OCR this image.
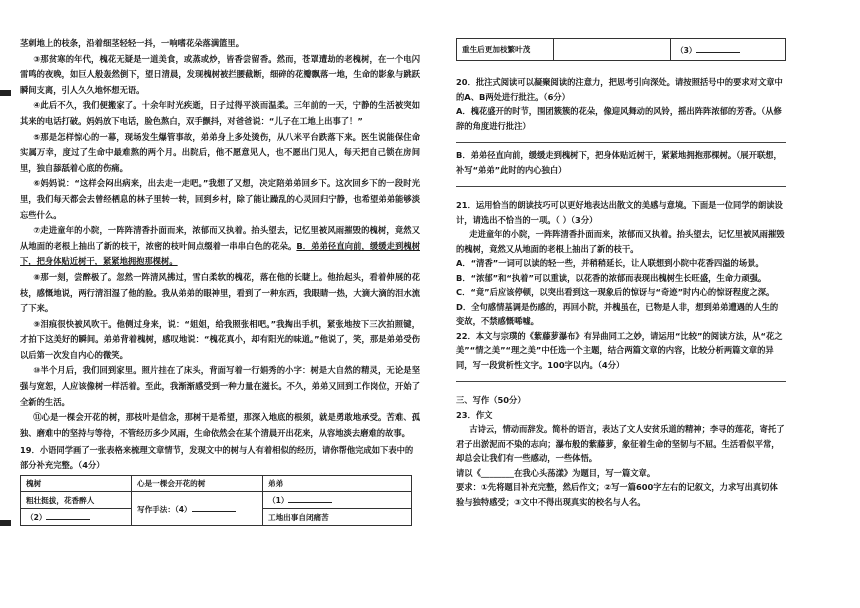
茎刺地上的枝条，沿着细茎轻轻一抖，一响嗜花朵落满篮里。

③那贫寒的年代，槐花无疑是一道美食，或蒸或炒，皆香尝留香。然而，苍罩遭劫的老槐树，在一个电闪雷鸣的夜晚，如巨人般轰然倒下，望日清晨，发现槐树被拦腰截断，细碎的花瓣飘落一地，生命的影象与跳跃瞬间支离，引人久久地怀想无语。

④此后不久，我们便搬家了。十余年时光疾逝，日子过得平淡而温柔。三年前的一天，宁静的生活被突如其来的电话打破。妈妈放下电话，脸色熬白，双手颤抖，对爸爸说：“儿子在工地上出事了！”

⑤那是怎样惊心的一幕，现场发生爆管事故，弟弟身上多处烫伤，从八米平台跌落下来。医生说能保住命实属万幸，度过了生命中最难熬的两个月。出院后，他不愿意见人，也不愿出门见人，每天把自己锁在房间里，独自舔舐着心底的伤痛。

⑥妈妈说：“这样会闷出病来，出去走一走吧。”我想了又想，决定陪弟弟回乡下。这次回乡下的一段时光里，我们每天都会去曾经栖息的林子里转一转，回到乡村，除了能让躁乱的心灵回归宁静，也希望弟弟能够淡忘些什么。

⑦走进童年的小院，一阵阵清香扑面而来，浓郁而又执着。抬头望去，记忆里被风雨摧毁的槐树，竟然又从地面的老根上抽出了新的枝干，浓密的枝叶间点缀着一串串白色的花朵。B．弟弟径直向前，缓缓走到槐树下，把身体贴近树干，紧紧地拥抱那棵树。

⑧那一刻，尝醉极了。忽然一阵清风拂过，雪白柔软的槐花，落在他的长睫上。他抬起头，看着伸展的花枝，感慨地说，两行清泪湿了他的脸。我从弟弟的眼神里，看到了一种东西，我眼睛一热，大滴大滴的泪水流了下来。

⑨泪痕很快被风吹干。他侧过身来，说：“姐姐，给我照张相吧。”我掏出手机，紧张地按下三次拍照键，才拍下这美好的瞬间。弟弟背着槐树，感叹地说：“槐花真小，却有阳光的味道。”他说了，笑，那是弟弟受伤以后第一次发自内心的微笑。

⑩半个月后，我们回到家里。照片挂在了床头，背面写着一行娟秀的小字：树是大自然的精灵，无论是坚强与宽恕，人应该像树一样活着。至此，我渐渐感受到一种力量在滋长。不久，弟弟又回到工作岗位，开始了全新的生活。

⑪心是一棵会开花的树，那枝叶是信念，那树干是希望，那深入地底的根须，就是勇敢地承受。苦难、孤独、磨难中的坚持与等待，不管经历多少风雨，生命依然会在某个清晨开出花来，从容地淡去磨难的故事。

19．小语同学画了一张表格来梳理文章情节，发现文中的树与人有着相似的经历，请你帮他完成如下表中的部分补充完整。（4分）

槐树	心是一棵会开花的树	弟弟
粗壮挺拔，花香醉人	写作手法：（4）	（1）
（2）		工地出事自闭痛苦
重生后更加枝繁叶茂		（3）

20．批注式阅读可以凝聚阅读的注意力，把思考引向深处。请按照括号中的要求对文章中的A、B两处进行批注。（6分）

A．槐花盛开的时节，围团簇簇的花朵，像迎风舞动的风铃，摇出阵阵浓郁的芳香。（从修辞的角度进行批注）

B．弟弟径直向前，缓缓走到槐树下，把身体贴近树干，紧紧地拥抱那棵树。（展开联想，补写“弟弟”此时的内心独白）

21．运用恰当的朗读技巧可以更好地表达出散文的美感与意境。下面是一位同学的朗读设计，请选出不恰当的一项。（ ）（3分）

走进童年的小院，一阵阵清香扑面而来，浓郁而又执着。抬头望去，记忆里被风雨摧毁的槐树，竟然又从地面的老根上抽出了新的枝干。

A．“清香”一词可以读的轻一些，并稍稍延长，让人联想到小院中花香四溢的场景。

B．“浓郁”和“执着”可以重读，以花香的浓郁而表现出槐树生长旺盛，生命力顽强。

C．“竟”后应该停顿，以突出看到这一现象后的惊讶与“奇迹”时内心的惊讶程度之深。

D．全句感情基调是伤感的，再回小院，并槐虽在，已物是人非，想到弟弟遭遇的人生的变故，不禁感慨唏嘘。

22．本文与宗璞的《紫藤萝瀑布》有异曲同工之妙，请运用“比较”的阅读方法，从“花之美”“情之美”“理之美”中任选一个主题，结合两篇文章的内容，比较分析两篇文章的异同，写一段赏析性文字。100字以内。（4分）

三、写作（50分）

23．作文

古诗云，情动而辞发。简朴的语言，表达了文人安贫乐道的精神；李寻的莲花，寄托了君子出淤泥而不染的志向；瀑布般的紫藤萝，象征着生命的坚韧与不屈。生活看似平常，却总会让我们有一些感动，一些体悟。

请以《________在我心头荡漾》为题目，写一篇文章。

要求：①先将题目补充完整，然后作文；②写一篇600字左右的记叙文，力求写出真切体验与独特感受；③文中不得出现真实的校名与人名。
